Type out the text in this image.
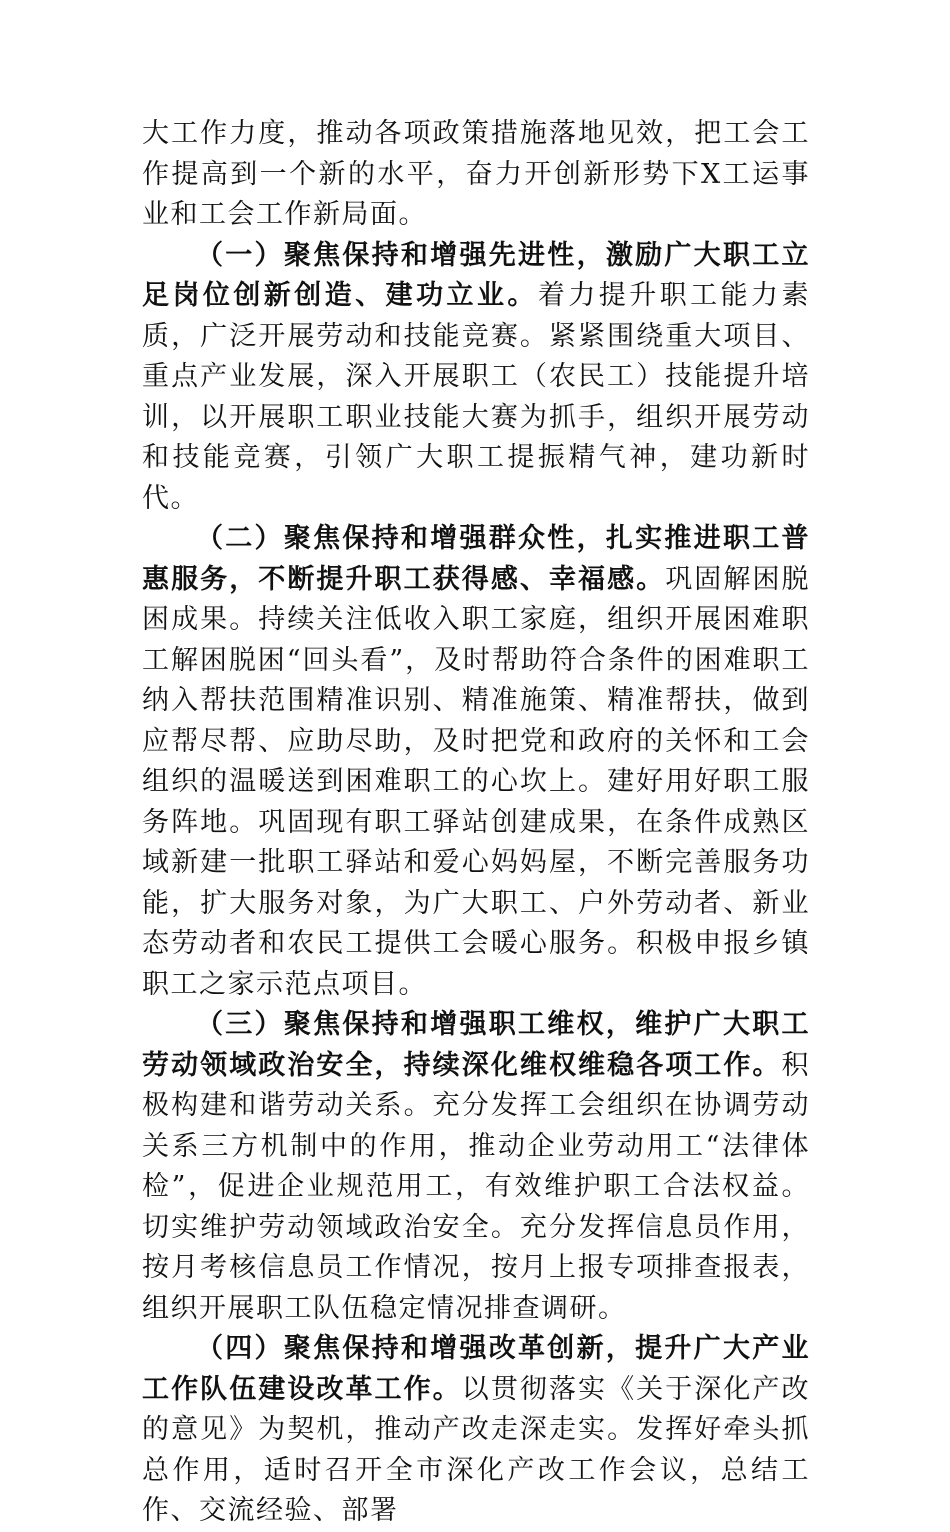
大工作力度，推动各项政策措施落地见效，把工会工作提高到一个新的水平，奋力开创新形势下X工运事业和工会工作新局面。

（一）聚焦保持和增强先进性，激励广大职工立足岗位创新创造、建功立业。着力提升职工能力素质，广泛开展劳动和技能竞赛。紧紧围绕重大项目、重点产业发展，深入开展职工（农民工）技能提升培训，以开展职工职业技能大赛为抓手，组织开展劳动和技能竞赛，引领广大职工提振精气神，建功新时代。

（二）聚焦保持和增强群众性，扎实推进职工普惠服务，不断提升职工获得感、幸福感。巩固解困脱困成果。持续关注低收入职工家庭，组织开展困难职工解困脱困“回头看”，及时帮助符合条件的困难职工纳入帮扶范围精准识别、精准施策、精准帮扶，做到应帮尽帮、应助尽助，及时把党和政府的关怀和工会组织的温暖送到困难职工的心坎上。建好用好职工服务阵地。巩固现有职工驿站创建成果，在条件成熟区域新建一批职工驿站和爱心妈妈屋，不断完善服务功能，扩大服务对象，为广大职工、户外劳动者、新业态劳动者和农民工提供工会暖心服务。积极申报乡镇职工之家示范点项目。

（三）聚焦保持和增强职工维权，维护广大职工劳动领域政治安全，持续深化维权维稳各项工作。积极构建和谐劳动关系。充分发挥工会组织在协调劳动关系三方机制中的作用，推动企业劳动用工“法律体检”，促进企业规范用工，有效维护职工合法权益。切实维护劳动领域政治安全。充分发挥信息员作用，按月考核信息员工作情况，按月上报专项排查报表，组织开展职工队伍稳定情况排查调研。

（四）聚焦保持和增强改革创新，提升广大产业工作队伍建设改革工作。以贯彻落实《关于深化产改的意见》为契机，推动产改走深走实。发挥好牵头抓总作用，适时召开全市深化产改工作会议，总结工作、交流经验、部署
